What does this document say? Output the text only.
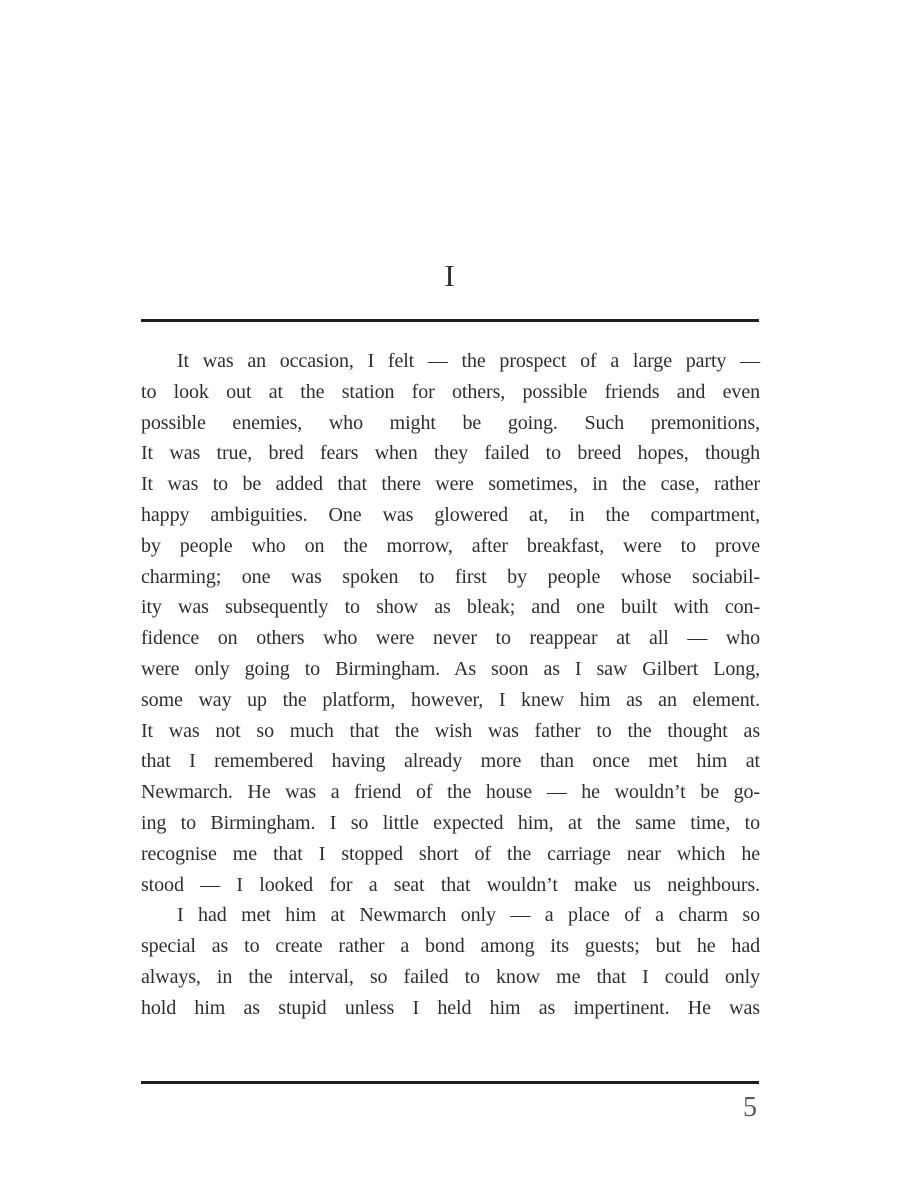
I
It was an occasion, I felt — the prospect of a large party —
to look out at the station for others, possible friends and even
possible enemies, who might be going. Such premonitions,
It was true, bred fears when they failed to breed hopes, though
It was to be added that there were sometimes, in the case, rather
happy ambiguities. One was glowered at, in the compartment,
by people who on the morrow, after breakfast, were to prove
charming; one was spoken to first by people whose sociabil-
ity was subsequently to show as bleak; and one built with con-
fidence on others who were never to reappear at all — who
were only going to Birmingham. As soon as I saw Gilbert Long,
some way up the platform, however, I knew him as an element.
It was not so much that the wish was father to the thought as
that I remembered having already more than once met him at
Newmarch. He was a friend of the house — he wouldn’t be go-
ing to Birmingham. I so little expected him, at the same time, to
recognise me that I stopped short of the carriage near which he
stood — I looked for a seat that wouldn’t make us neighbours.
I had met him at Newmarch only — a place of a charm so
special as to create rather a bond among its guests; but he had
always, in the interval, so failed to know me that I could only
hold him as stupid unless I held him as impertinent. He was
5
